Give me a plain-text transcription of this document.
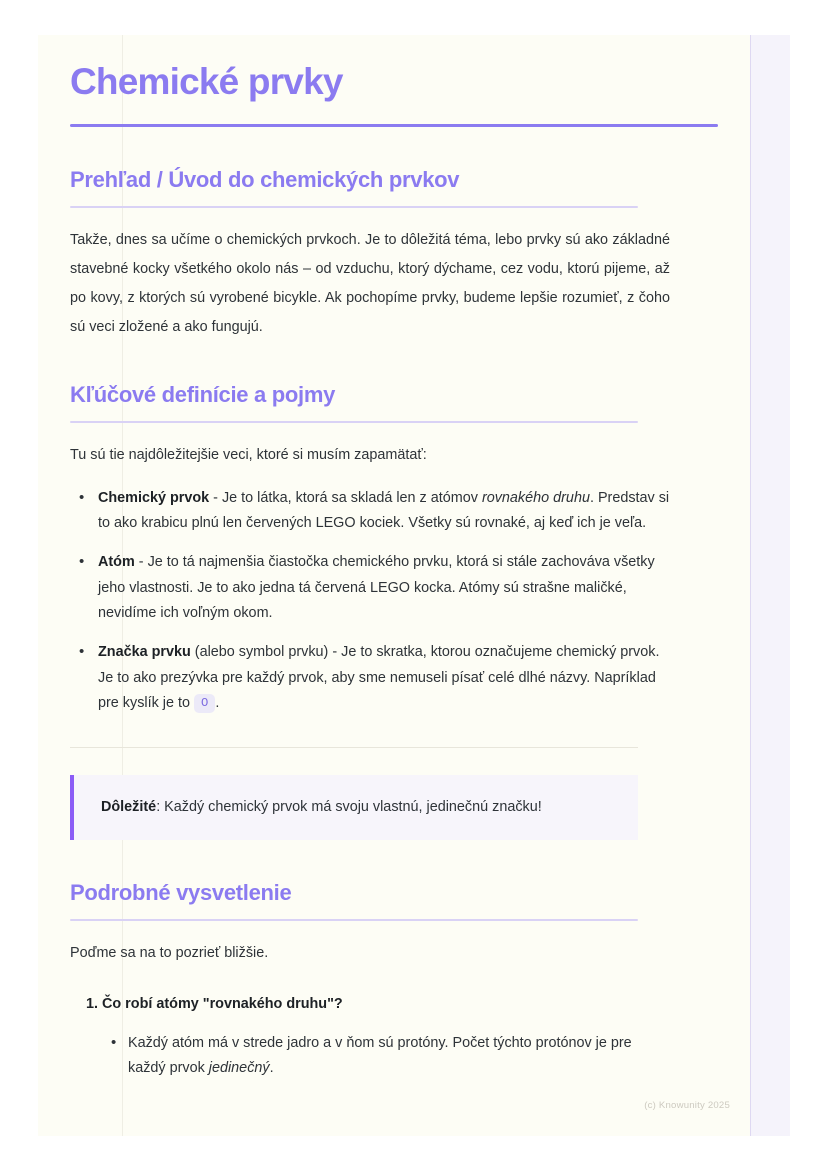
Chemické prvky
Prehľad / Úvod do chemických prvkov

Takže, dnes sa učíme o chemických prvkoch. Je to dôležitá téma, lebo prvky sú ako základné stavebné kocky všetkého okolo nás – od vzduchu, ktorý dýchame, cez vodu, ktorú pijeme, až po kovy, z ktorých sú vyrobené bicykle. Ak pochopíme prvky, budeme lepšie rozumieť, z čoho sú veci zložené a ako fungujú.

Kľúčové definície a pojmy

Tu sú tie najdôležitejšie veci, ktoré si musím zapamätať:

• Chemický prvok - Je to látka, ktorá sa skladá len z atómov rovnakého druhu. Predstav si to ako krabicu plnú len červených LEGO kociek. Všetky sú rovnaké, aj keď ich je veľa.
• Atóm - Je to tá najmenšia čiastočka chemického prvku, ktorá si stále zachováva všetky jeho vlastnosti. Je to ako jedna tá červená LEGO kocka. Atómy sú strašne maličké, nevidíme ich voľným okom.
• Značka prvku (alebo symbol prvku) - Je to skratka, ktorou označujeme chemický prvok. Je to ako prezývka pre každý prvok, aby sme nemuseli písať celé dlhé názvy. Napríklad pre kyslík je to O .
Dôležité: Každý chemický prvok má svoju vlastnú, jedinečnú značku!
Podrobné vysvetlenie

Poďme sa na to pozrieť bližšie.

1. Čo robí atómy "rovnakého druhu"?
• Každý atóm má v strede jadro a v ňom sú protóny. Počet týchto protónov je pre každý prvok jedinečný.
(c) Knowunity 2025
